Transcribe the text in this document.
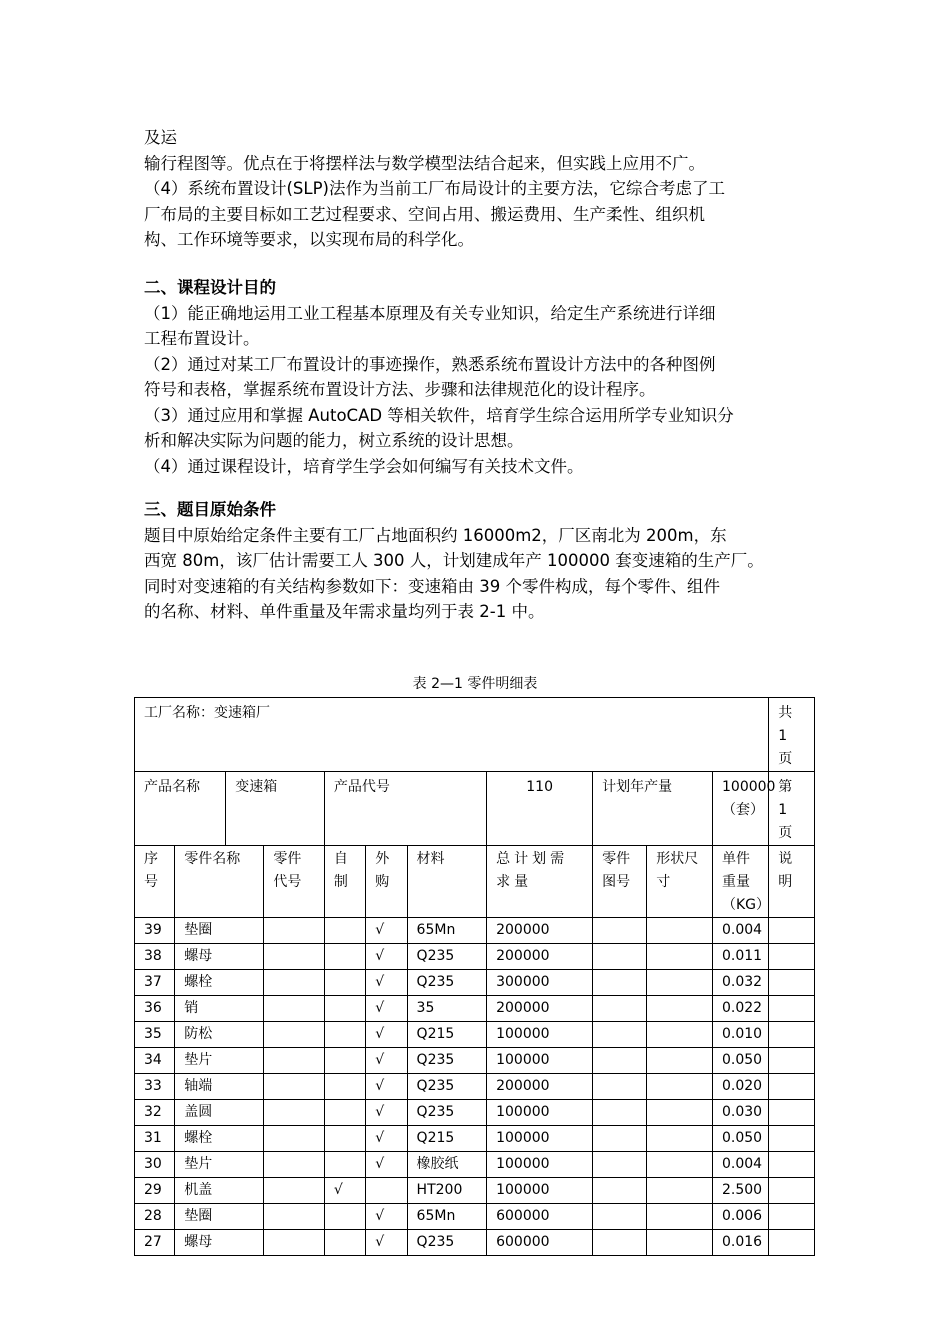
及运

输行程图等。优点在于将摆样法与数学模型法结合起来，但实践上应用不广。

（4）系统布置设计(SLP)法作为当前工厂布局设计的主要方法，它综合考虑了工

厂布局的主要目标如工艺过程要求、空间占用、搬运费用、生产柔性、组织机

构、工作环境等要求，以实现布局的科学化。

二、课程设计目的

（1）能正确地运用工业工程基本原理及有关专业知识，给定生产系统进行详细

工程布置设计。

（2）通过对某工厂布置设计的事迹操作，熟悉系统布置设计方法中的各种图例

符号和表格，掌握系统布置设计方法、步骤和法律规范化的设计程序。

（3）通过应用和掌握 AutoCAD 等相关软件，培育学生综合运用所学专业知识分

析和解决实际为问题的能力，树立系统的设计思想。

（4）通过课程设计，培育学生学会如何编写有关技术文件。

三、题目原始条件

题目中原始给定条件主要有工厂占地面积约 16000m2，厂区南北为 200m，东

西宽 80m，该厂估计需要工人 300 人，计划建成年产 100000 套变速箱的生产厂。

同时对变速箱的有关结构参数如下：变速箱由 39 个零件构成，每个零件、组件

的名称、材料、单件重量及年需求量均列于表 2-1 中。

表 2—1 零件明细表
工厂名称：变速箱厂											共 1 页
产品名称		变速箱		产品代号			110	计划年产量		100000（套）	第 1 页
序号	零件名称		零件代号	自制	外购	材料	总计划需求量	零件图号	形状尺寸	单件重量（KG）	说明
39	垫圈				√	65Mn	200000			0.004	
38	螺母				√	Q235	200000			0.011	
37	螺栓				√	Q235	300000			0.032	
36	销				√	35	200000			0.022	
35	防松				√	Q215	100000			0.010	
34	垫片				√	Q235	100000			0.050	
33	轴端				√	Q235	200000			0.020	
32	盖圆				√	Q235	100000			0.030	
31	螺栓				√	Q215	100000			0.050	
30	垫片				√	橡胶纸	100000			0.004	
29	机盖			√		HT200	100000			2.500	
28	垫圈				√	65Mn	600000			0.006	
27	螺母				√	Q235	600000			0.016	
